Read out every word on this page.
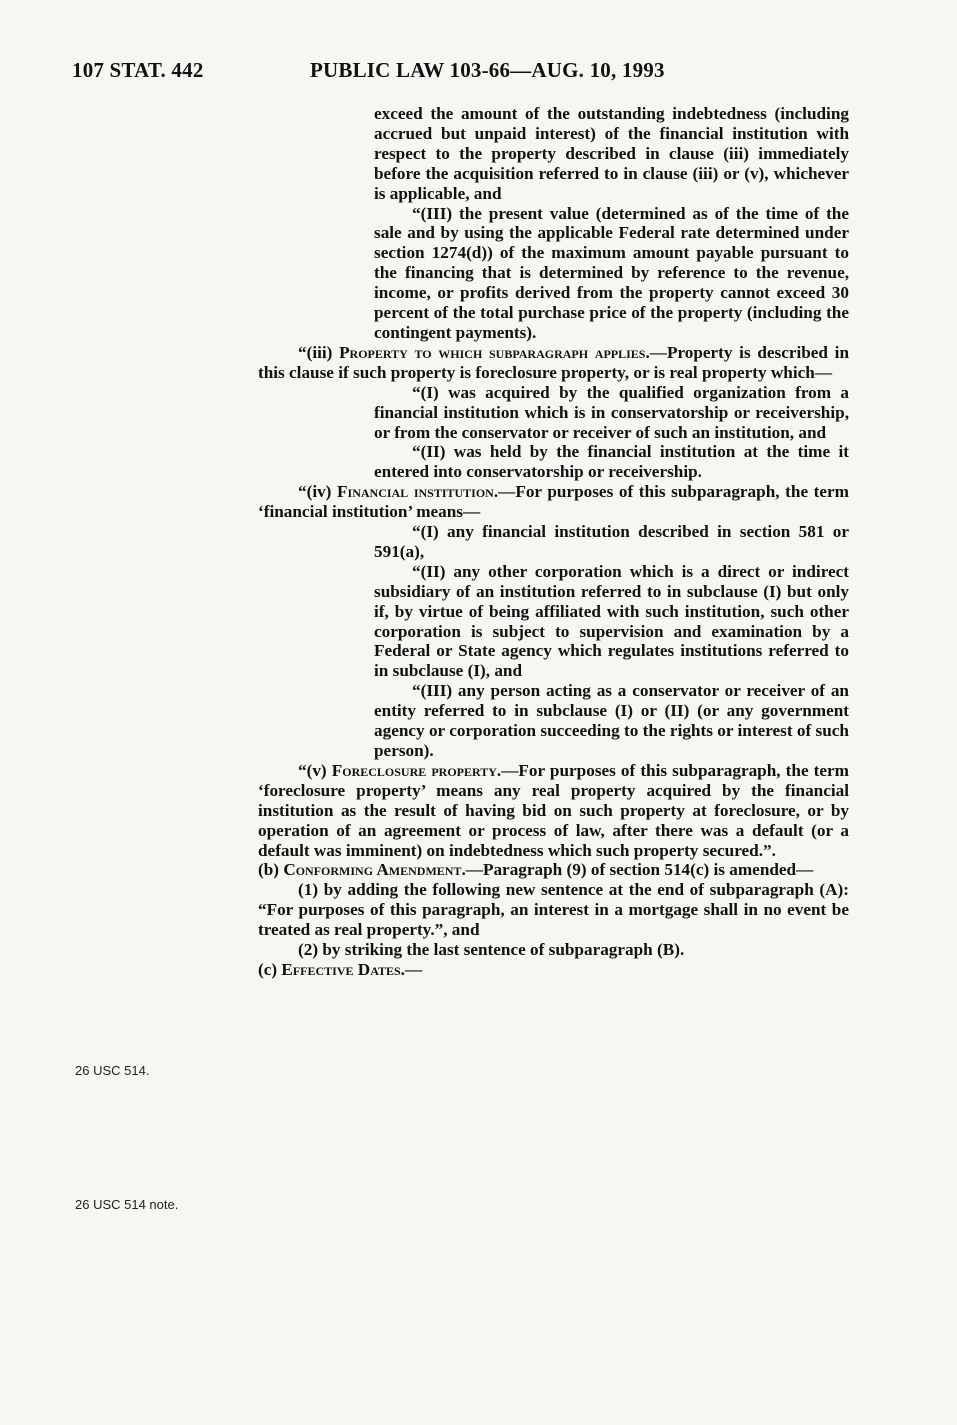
107 STAT. 442	PUBLIC LAW 103-66—AUG. 10, 1993

exceed the amount of the outstanding indebtedness (including accrued but unpaid interest) of the financial institution with respect to the property described in clause (iii) immediately before the acquisition referred to in clause (iii) or (v), whichever is applicable, and

“(III) the present value (determined as of the time of the sale and by using the applicable Federal rate determined under section 1274(d)) of the maximum amount payable pursuant to the financing that is determined by reference to the revenue, income, or profits derived from the property cannot exceed 30 percent of the total purchase price of the property (including the contingent payments).

“(iii) Property to which subparagraph applies.—Property is described in this clause if such property is foreclosure property, or is real property which—

“(I) was acquired by the qualified organization from a financial institution which is in conservatorship or receivership, or from the conservator or receiver of such an institution, and

“(II) was held by the financial institution at the time it entered into conservatorship or receivership.

“(iv) Financial institution.—For purposes of this subparagraph, the term ‘financial institution’ means—

“(I) any financial institution described in section 581 or 591(a),

“(II) any other corporation which is a direct or indirect subsidiary of an institution referred to in subclause (I) but only if, by virtue of being affiliated with such institution, such other corporation is subject to supervision and examination by a Federal or State agency which regulates institutions referred to in subclause (I), and

“(III) any person acting as a conservator or receiver of an entity referred to in subclause (I) or (II) (or any government agency or corporation succeeding to the rights or interest of such person).

“(v) Foreclosure property.—For purposes of this subparagraph, the term ‘foreclosure property’ means any real property acquired by the financial institution as the result of having bid on such property at foreclosure, or by operation of an agreement or process of law, after there was a default (or a default was imminent) on indebtedness which such property secured.”.

(b) Conforming Amendment.—Paragraph (9) of section 514(c) is amended—

(1) by adding the following new sentence at the end of subparagraph (A): “For purposes of this paragraph, an interest in a mortgage shall in no event be treated as real property.”, and

(2) by striking the last sentence of subparagraph (B).

(c) Effective Dates.—

26 USC 514.
26 USC 514 note.
